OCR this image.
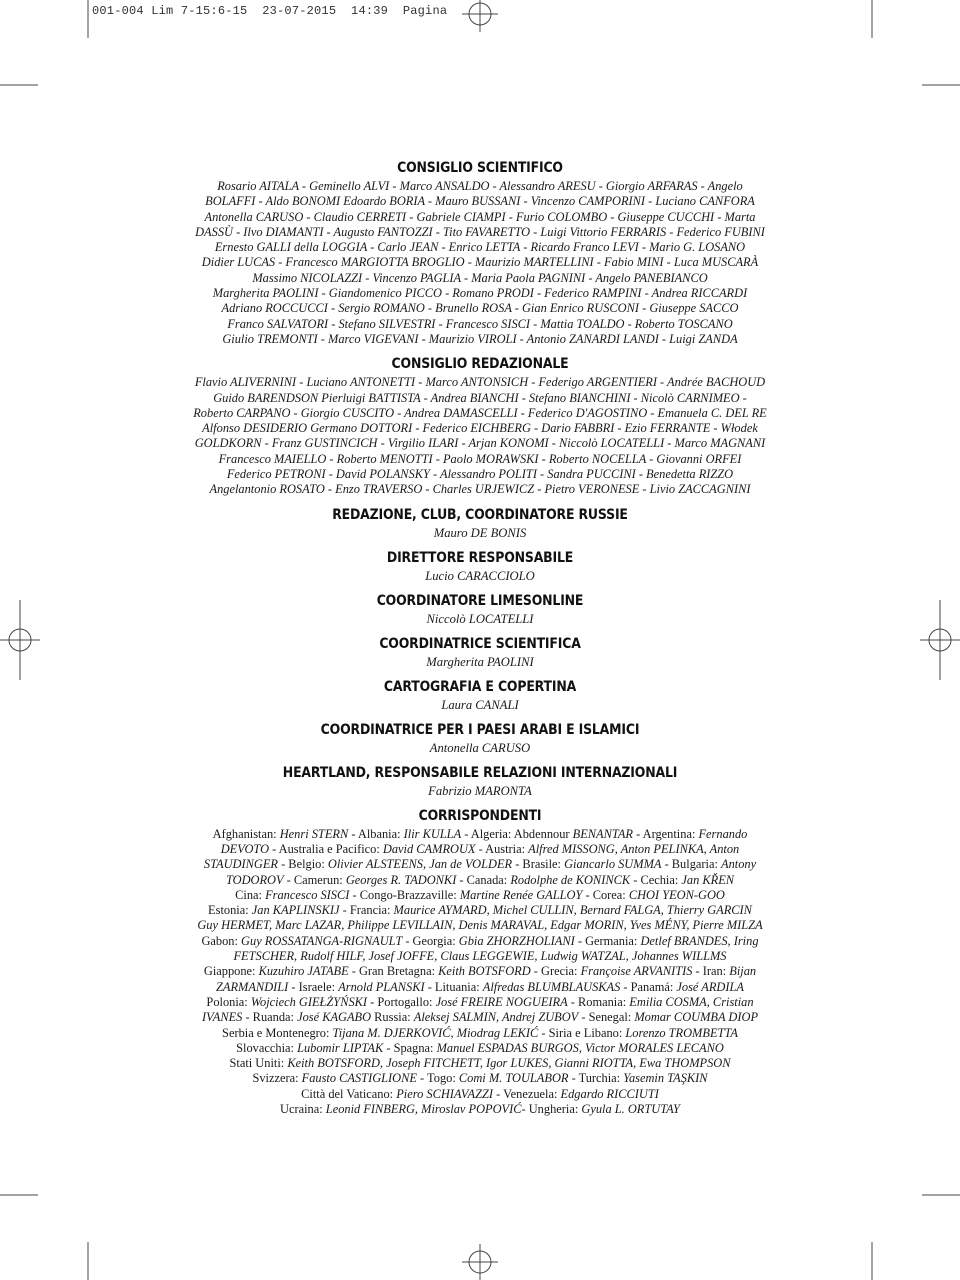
001-004 Lim 7-15:6-15  23-07-2015  14:39  Pagina
CONSIGLIO SCIENTIFICO
Rosario AITALA - Geminello ALVI - Marco ANSALDO - Alessandro ARESU - Giorgio ARFARAS - Angelo
BOLAFFI - Aldo BONOMI Edoardo BORIA - Mauro BUSSANI - Vincenzo CAMPORINI - Luciano CANFORA
Antonella CARUSO - Claudio CERRETI - Gabriele CIAMPI - Furio COLOMBO - Giuseppe CUCCHI - Marta
DASSÙ - Ilvo DIAMANTI - Augusto FANTOZZI - Tito FAVARETTO - Luigi Vittorio FERRARIS - Federico FUBINI
Ernesto GALLI della LOGGIA - Carlo JEAN - Enrico LETTA - Ricardo Franco LEVI - Mario G. LOSANO
Didier LUCAS - Francesco MARGIOTTA BROGLIO - Maurizio MARTELLINI - Fabio MINI - Luca MUSCARÀ
Massimo NICOLAZZI - Vincenzo PAGLIA - Maria Paola PAGNINI - Angelo PANEBIANCO
Margherita PAOLINI - Giandomenico PICCO - Romano PRODI - Federico RAMPINI - Andrea RICCARDI
Adriano ROCCUCCI - Sergio ROMANO - Brunello ROSA - Gian Enrico RUSCONI - Giuseppe SACCO
Franco SALVATORI - Stefano SILVESTRI - Francesco SISCI - Mattia TOALDO - Roberto TOSCANO
Giulio TREMONTI - Marco VIGEVANI - Maurizio VIROLI - Antonio ZANARDI LANDI - Luigi ZANDA
CONSIGLIO REDAZIONALE
Flavio ALIVERNINI - Luciano ANTONETTI - Marco ANTONSICH - Federigo ARGENTIERI - Andrée BACHOUD
Guido BARENDSON Pierluigi BATTISTA - Andrea BIANCHI - Stefano BIANCHINI - Nicolò CARNIMEO -
Roberto CARPANO - Giorgio CUSCITO - Andrea DAMASCELLI - Federico D'AGOSTINO - Emanuela C. DEL RE
Alfonso DESIDERIO Germano DOTTORI - Federico EICHBERG - Dario FABBRI - Ezio FERRANTE - Włodek
GOLDKORN - Franz GUSTINCICH - Virgilio ILARI - Arjan KONOMI - Niccolò LOCATELLI - Marco MAGNANI
Francesco MAIELLO - Roberto MENOTTI - Paolo MORAWSKI - Roberto NOCELLA - Giovanni ORFEI
Federico PETRONI - David POLANSKY - Alessandro POLITI - Sandra PUCCINI - Benedetta RIZZO
Angelantonio ROSATO - Enzo TRAVERSO - Charles URJEWICZ - Pietro VERONESE - Livio ZACCAGNINI
REDAZIONE, CLUB, COORDINATORE RUSSIE
Mauro DE BONIS
DIRETTORE RESPONSABILE
Lucio CARACCIOLO
COORDINATORE LIMESONLINE
Niccolò LOCATELLI
COORDINATRICE SCIENTIFICA
Margherita PAOLINI
CARTOGRAFIA E COPERTINA
Laura CANALI
COORDINATRICE PER I PAESI ARABI E ISLAMICI
Antonella CARUSO
HEARTLAND, RESPONSABILE RELAZIONI INTERNAZIONALI
Fabrizio MARONTA
CORRISPONDENTI
Afghanistan: Henri STERN - Albania: Ilir KULLA - Algeria: Abdennour BENANTAR - Argentina: Fernando
DEVOTO - Australia e Pacifico: David CAMROUX - Austria: Alfred MISSONG, Anton PELINKA, Anton
STAUDINGER - Belgio: Olivier ALSTEENS, Jan de VOLDER - Brasile: Giancarlo SUMMA - Bulgaria: Antony
TODOROV - Camerun: Georges R. TADONKI - Canada: Rodolphe de KONINCK - Cechia: Jan KŘEN
Cina: Francesco SISCI - Congo-Brazzaville: Martine Renée GALLOY - Corea: CHOI YEON-GOO
Estonia: Jan KAPLINSKIJ - Francia: Maurice AYMARD, Michel CULLIN, Bernard FALGA, Thierry GARCIN
Guy HERMET, Marc LAZAR, Philippe LEVILLAIN, Denis MARAVAL, Edgar MORIN, Yves MÉNY, Pierre MILZA
Gabon: Guy ROSSATANGA-RIGNAULT - Georgia: Gbia ZHORZHOLIANI - Germania: Detlef BRANDES, Iring
FETSCHER, Rudolf HILF, Josef JOFFE, Claus LEGGEWIE, Ludwig WATZAL, Johannes WILLMS
Giappone: Kuzuhiro JATABE - Gran Bretagna: Keith BOTSFORD - Grecia: Françoise ARVANITIS - Iran: Bijan
ZARMANDILI - Israele: Arnold PLANSKI - Lituania: Alfredas BLUMBLAUSKAS - Panamá: José ARDILA
Polonia: Wojciech GIEŁŻYŃSKI - Portogallo: José FREIRE NOGUEIRA - Romania: Emilia COSMA, Cristian
IVANES - Ruanda: José KAGABO Russia: Aleksej SALMIN, Andrej ZUBOV - Senegal: Momar COUMBA DIOP
Serbia e Montenegro: Tijana M. DJERKOVIĆ, Miodrag LEKIĆ - Siria e Libano: Lorenzo TROMBETTA
Slovacchia: Lubomir LIPTAK - Spagna: Manuel ESPADAS BURGOS, Victor MORALES LECANO
Stati Uniti: Keith BOTSFORD, Joseph FITCHETT, Igor LUKES, Gianni RIOTTA, Ewa THOMPSON
Svizzera: Fausto CASTIGLIONE - Togo: Comi M. TOULABOR - Turchia: Yasemin TAŞKIN
Città del Vaticano: Piero SCHIAVAZZI - Venezuela: Edgardo RICCIUTI
Ucraina: Leonid FINBERG, Miroslav POPOVIĆ- Ungheria: Gyula L. ORTUTAY
